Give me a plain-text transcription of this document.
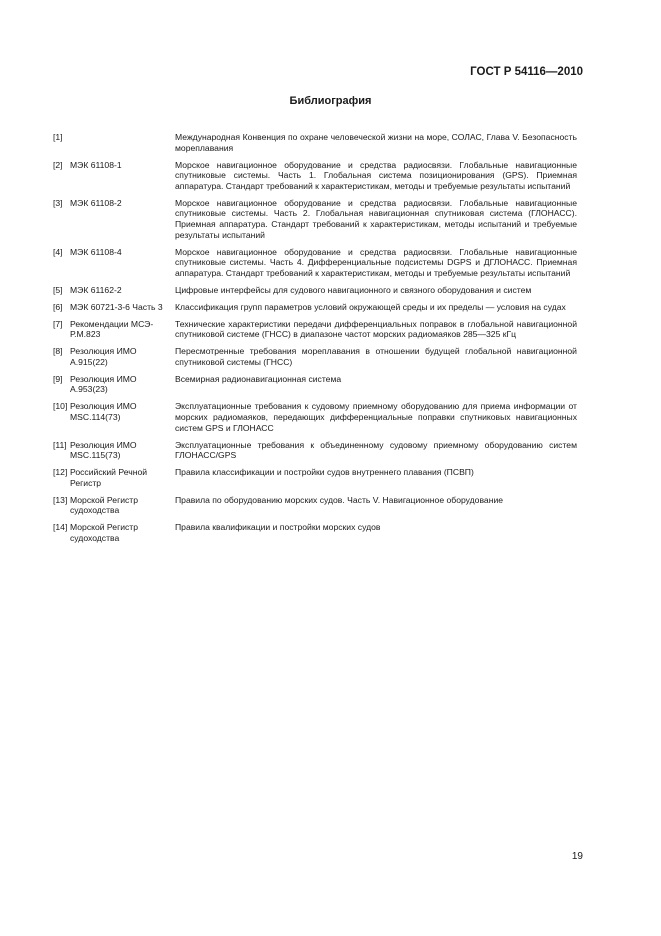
ГОСТ Р 54116—2010
Библиография
[1]	Международная Конвенция по охране человеческой жизни на море, СОЛАС, Глава V. Безопасность мореплавания
[2] МЭК 61108-1	Морское навигационное оборудование и средства радиосвязи. Глобальные навигационные спутниковые системы. Часть 1. Глобальная система позиционирования (GPS). Приемная аппаратура. Стандарт требований к характеристикам, методы и требуемые результаты испытаний
[3] МЭК 61108-2	Морское навигационное оборудование и средства радиосвязи. Глобальные навигационные спутниковые системы. Часть 2. Глобальная навигационная спутниковая система (ГЛОНАСС). Приемная аппаратура. Стандарт требований к характеристикам, методы испытаний и требуемые результаты испытаний
[4] МЭК 61108-4	Морское навигационное оборудование и средства радиосвязи. Глобальные навигационные спутниковые системы. Часть 4. Дифференциальные подсистемы DGPS и ДГЛОНАСС. Приемная аппаратура. Стандарт требований к характеристикам, методы и требуемые результаты испытаний
[5] МЭК 61162-2	Цифровые интерфейсы для судового навигационного и связного оборудования и систем
[6] МЭК 60721-3-6 Часть 3	Классификация групп параметров условий окружающей среды и их пределы — условия на судах
[7] Рекомендации МСЭ-Р.М.823
Технические характеристики передачи дифференциальных поправок в глобальной навигационной спутниковой системе (ГНСС) в диапазоне частот морских радиомаяков 285—325 кГц
[8] Резолюция ИМО А.915(22)
Пересмотренные требования мореплавания в отношении будущей глобальной навигационной спутниковой системы (ГНСС)
[9] Резолюция ИМО А.953(23)
Всемирная радионавигационная система
[10] Резолюция ИМО MSC.114(73)
Эксплуатационные требования к судовому приемному оборудованию для приема информации от морских радиомаяков, передающих дифференциальные поправки спутниковых навигационных систем GPS и ГЛОНАСС
[11] Резолюция ИМО MSC.115(73)
Эксплуатационные требования к объединенному судовому приемному оборудованию систем ГЛОНАСС/GPS
[12] Российский Речной Регистр
Правила классификации и постройки судов внутреннего плавания (ПСВП)
[13] Морской Регистр судоходства
Правила по оборудованию морских судов. Часть V. Навигационное оборудование
[14] Морской Регистр судоходства
Правила квалификации и постройки морских судов
19
